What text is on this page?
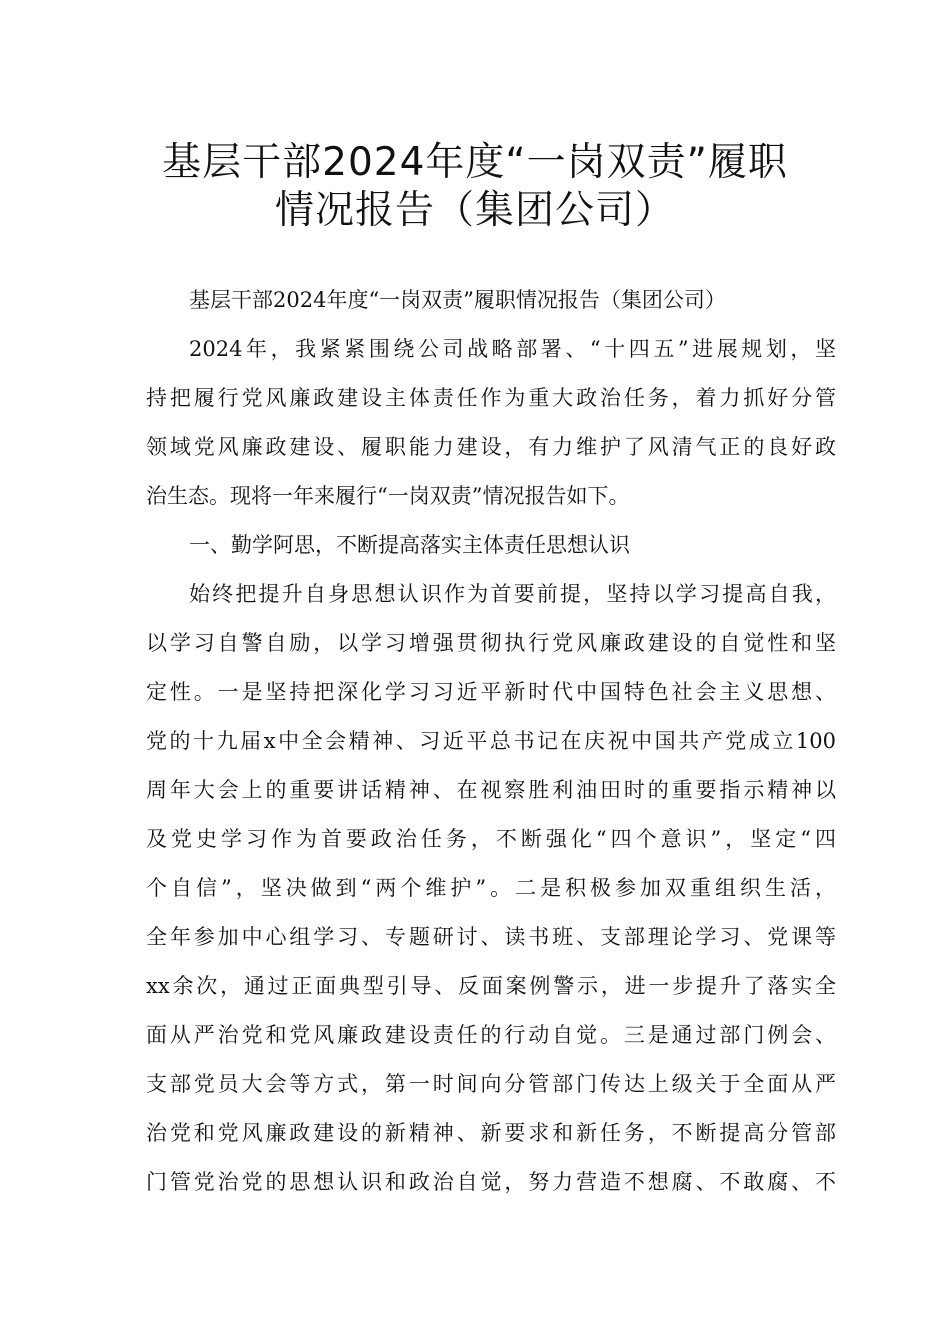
基层干部2024年度“一岗双责”履职
情况报告（集团公司）
基层干部2024年度“一岗双责”履职情况报告（集团公司）
2024年，我紧紧围绕公司战略部署、“十四五”进展规划，坚
持把履行党风廉政建设主体责任作为重大政治任务，着力抓好分管
领域党风廉政建设、履职能力建设，有力维护了风清气正的良好政
治生态。现将一年来履行“一岗双责”情况报告如下。
一、勤学阿思，不断提高落实主体责任思想认识
始终把提升自身思想认识作为首要前提，坚持以学习提高自我，
以学习自警自励，以学习增强贯彻执行党风廉政建设的自觉性和坚
定性。一是坚持把深化学习习近平新时代中国特色社会主义思想、
党的十九届x中全会精神、习近平总书记在庆祝中国共产党成立100
周年大会上的重要讲话精神、在视察胜利油田时的重要指示精神以
及党史学习作为首要政治任务，不断强化“四个意识”，坚定“四
个自信”，坚决做到“两个维护”。二是积极参加双重组织生活，
全年参加中心组学习、专题研讨、读书班、支部理论学习、党课等
xx余次，通过正面典型引导、反面案例警示，进一步提升了落实全
面从严治党和党风廉政建设责任的行动自觉。三是通过部门例会、
支部党员大会等方式，第一时间向分管部门传达上级关于全面从严
治党和党风廉政建设的新精神、新要求和新任务，不断提高分管部
门管党治党的思想认识和政治自觉，努力营造不想腐、不敢腐、不
